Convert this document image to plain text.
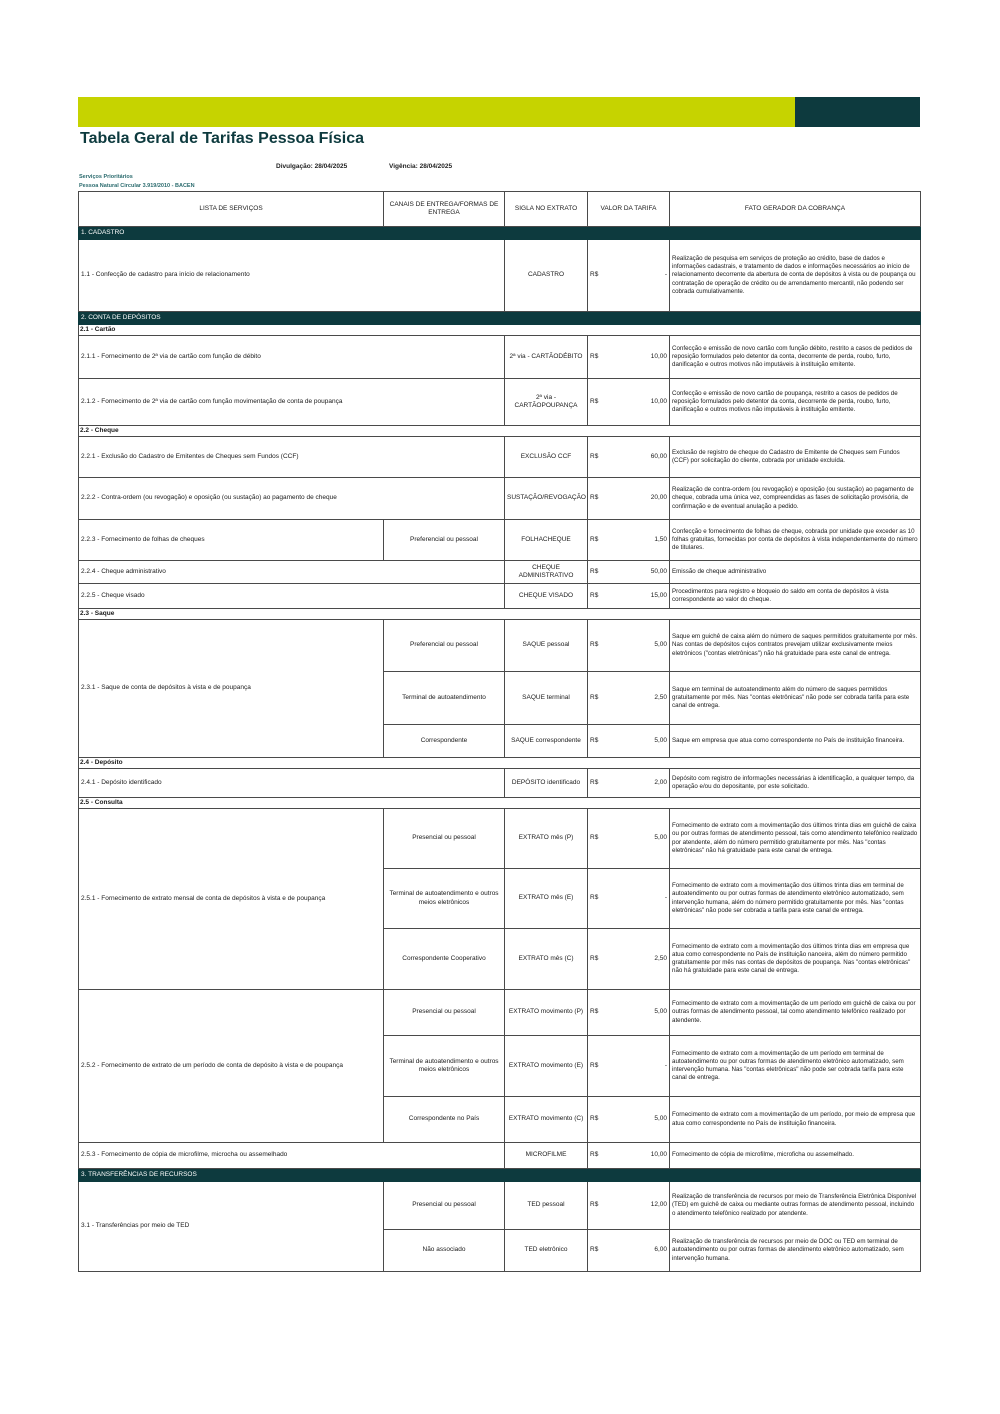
Tabela Geral de Tarifas Pessoa Física
Divulgação: 28/04/2025	Vigência: 28/04/2025
Serviços Prioritários
Pessoa Natural Circular 3.919/2010 - BACEN
LISTA DE SERVIÇOS	CANAIS DE ENTREGA/FORMAS DE ENTREGA	SIGLA NO EXTRATO	VALOR DA TARIFA	FATO GERADOR DA COBRANÇA
1. CADASTRO				
1.1 - Confecção de cadastro para início de relacionamento		CADASTRO	R$ -	Realização de pesquisa em serviços de proteção ao crédito, base de dados e informações cadastrais, e tratamento de dados e informações necessários ao início de relacionamento decorrente da abertura de conta de depósitos à vista ou de poupança ou contratação de operação de crédito ou de arrendamento mercantil, não podendo ser cobrada cumulativamente.
2. CONTA DE DEPÓSITOS				
2.1 - Cartão				
2.1.1 - Fornecimento de 2ª via de cartão com função de débito		2ª via - CARTÃODÉBITO	R$ 10,00	Confecção e emissão de novo cartão com função débito, restrito a casos de pedidos de reposição formulados pelo detentor da conta, decorrente de perda, roubo, furto, danificação e outros motivos não imputáveis à instituição emitente.
2.1.2 - Fornecimento de 2ª via de cartão com função movimentação de conta de poupança		2ª via - CARTÃOPOUPANÇA	R$ 10,00	Confecção e emissão de novo cartão de poupança, restrito a casos de pedidos de reposição formulados pelo detentor da conta, decorrente de perda, roubo, furto, danificação e outros motivos não imputáveis à instituição emitente.
2.2 - Cheque				
2.2.1 - Exclusão do Cadastro de Emitentes de Cheques sem Fundos (CCF)		EXCLUSÃO CCF	R$ 60,00	Exclusão de registro de cheque do Cadastro de Emitente de Cheques sem Fundos (CCF) por solicitação do cliente, cobrada por unidade excluída.
2.2.2 - Contra-ordem (ou revogação) e oposição (ou sustação) ao pagamento de cheque		SUSTAÇÃO/REVOGAÇÃO	R$ 20,00	Realização de contra-ordem (ou revogação) e oposição (ou sustação) ao pagamento de cheque, cobrada uma única vez, compreendidas as fases de solicitação provisória, de confirmação e de eventual anulação a pedido.
2.2.3 - Fornecimento de folhas de cheques	Preferencial ou pessoal	FOLHACHEQUE	R$ 1,50	Confecção e fornecimento de folhas de cheque, cobrada por unidade que exceder as 10 folhas gratuitas, fornecidas por conta de depósitos à vista independentemente do número de titulares.
2.2.4 - Cheque administrativo		CHEQUE ADMINISTRATIVO	R$ 50,00	Emissão de cheque administrativo
2.2.5 - Cheque visado		CHEQUE VISADO	R$ 15,00	Procedimentos para registro e bloqueio do saldo em conta de depósitos à vista correspondente ao valor do cheque.
2.3 - Saque				
2.3.1 - Saque de conta de depósitos à vista e de poupança	Preferencial ou pessoal	SAQUE pessoal	R$ 5,00	Saque em guichê de caixa além do número de saques permitidos gratuitamente por mês. Nas contas de depósitos cujos contratos prevejam utilizar exclusivamente meios eletrônicos ("contas eletrônicas") não há gratuidade para este canal de entrega.
	Terminal de autoatendimento	SAQUE terminal	R$ 2,50	Saque em terminal de autoatendimento além do número de saques permitidos gratuitamente por mês. Nas "contas eletrônicas" não pode ser cobrada tarifa para este canal de entrega.
	Correspondente	SAQUE correspondente	R$ 5,00	Saque em empresa que atua como correspondente no País de instituição financeira.
2.4 - Depósito				
2.4.1 - Depósito identificado		DEPÓSITO identificado	R$ 2,00	Depósito com registro de informações necessárias à identificação, a qualquer tempo, da operação e/ou do depositante, por este solicitado.
2.5 - Consulta				
2.5.1 - Fornecimento de extrato mensal de conta de depósitos à vista e de poupança	Presencial ou pessoal	EXTRATO mês (P)	R$ 5,00	Fornecimento de extrato com a movimentação dos últimos trinta dias em guichê de caixa ou por outras formas de atendimento pessoal, tais como atendimento telefônico realizado por atendente, além do número permitido gratuitamente por mês. Nas "contas eletrônicas" não há gratuidade para este canal de entrega.
	Terminal de autoatendimento e outros meios eletrônicos	EXTRATO mês (E)	R$ -	Fornecimento de extrato com a movimentação dos últimos trinta dias em terminal de autoatendimento ou por outras formas de atendimento eletrônico automatizado, sem intervenção humana, além do número permitido gratuitamente por mês. Nas "contas eletrônicas" não pode ser cobrada a tarifa para este canal de entrega.
	Correspondente Cooperativo	EXTRATO mês (C)	R$ 2,50	Fornecimento de extrato com a movimentação dos últimos trinta dias em empresa que atua como correspondente no País de instituição nanceira, além do número permitido gratuitamente por mês nas contas de depósitos de poupança. Nas "contas eletrônicas" não há gratuidade para este canal de entrega.
2.5.2 - Fornecimento de extrato de um período de conta de depósito à vista e de poupança	Presencial ou pessoal	EXTRATO movimento (P)	R$ 5,00	Fornecimento de extrato com a movimentação de um período em guichê de caixa ou por outras formas de atendimento pessoal, tal como atendimento telefônico realizado por atendente.
	Terminal de autoatendimento e outros meios eletrônicos	EXTRATO movimento (E)	R$ -	Fornecimento de extrato com a movimentação de um período em terminal de autoatendimento ou por outras formas de atendimento eletrônico automatizado, sem intervenção humana. Nas "contas eletrônicas" não pode ser cobrada tarifa para este canal de entrega.
	Correspondente no País	EXTRATO movimento (C)	R$ 5,00	Fornecimento de extrato com a movimentação de um período, por meio de empresa que atua como correspondente no País de instituição financeira.
2.5.3 - Fornecimento de cópia de microfilme, microcha ou assemelhado		MICROFILME	R$ 10,00	Fornecimento de cópia de microfilme, microficha ou assemelhado.
3. TRANSFERÊNCIAS DE RECURSOS				
3.1 - Transferências por meio de TED	Presencial ou pessoal	TED pessoal	R$ 12,00	Realização de transferência de recursos por meio de Transferência Eletrônica Disponível (TED) em guichê de caixa ou mediante outras formas de atendimento pessoal, incluindo o atendimento telefônico realizado por atendente.
	Não associado	TED eletrônico	R$ 6,00	Realização de transferência de recursos por meio de DOC ou TED em terminal de autoatendimento ou por outras formas de atendimento eletrônico automatizado, sem intervenção humana.
